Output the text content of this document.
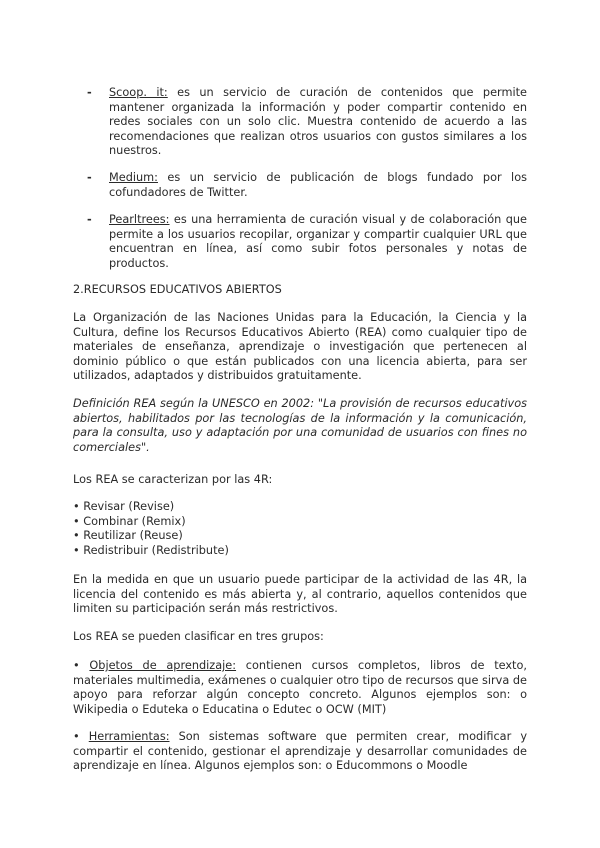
- Scoop. it: es un servicio de curación de contenidos que permite mantener organizada la información y poder compartir contenido en redes sociales con un solo clic. Muestra contenido de acuerdo a las recomendaciones que realizan otros usuarios con gustos similares a los nuestros.
- Medium: es un servicio de publicación de blogs fundado por los cofundadores de Twitter.
- Pearltrees: es una herramienta de curación visual y de colaboración que permite a los usuarios recopilar, organizar y compartir cualquier URL que encuentran en línea, así como subir fotos personales y notas de productos.
2.RECURSOS EDUCATIVOS ABIERTOS
La Organización de las Naciones Unidas para la Educación, la Ciencia y la Cultura, define los Recursos Educativos Abierto (REA) como cualquier tipo de materiales de enseñanza, aprendizaje o investigación que pertenecen al dominio público o que están publicados con una licencia abierta, para ser utilizados, adaptados y distribuidos gratuitamente.
Definición REA según la UNESCO en 2002: "La provisión de recursos educativos abiertos, habilitados por las tecnologías de la información y la comunicación, para la consulta, uso y adaptación por una comunidad de usuarios con fines no comerciales".
Los REA se caracterizan por las 4R:
• Revisar (Revise)
• Combinar (Remix)
• Reutilizar (Reuse)
• Redistribuir (Redistribute)
En la medida en que un usuario puede participar de la actividad de las 4R, la licencia del contenido es más abierta y, al contrario, aquellos contenidos que limiten su participación serán más restrictivos.
Los REA se pueden clasificar en tres grupos:
• Objetos de aprendizaje: contienen cursos completos, libros de texto, materiales multimedia, exámenes o cualquier otro tipo de recursos que sirva de apoyo para reforzar algún concepto concreto. Algunos ejemplos son: o Wikipedia o Eduteka o Educatina o Edutec o OCW (MIT)
• Herramientas: Son sistemas software que permiten crear, modificar y compartir el contenido, gestionar el aprendizaje y desarrollar comunidades de aprendizaje en línea. Algunos ejemplos son: o Educommons o Moodle
